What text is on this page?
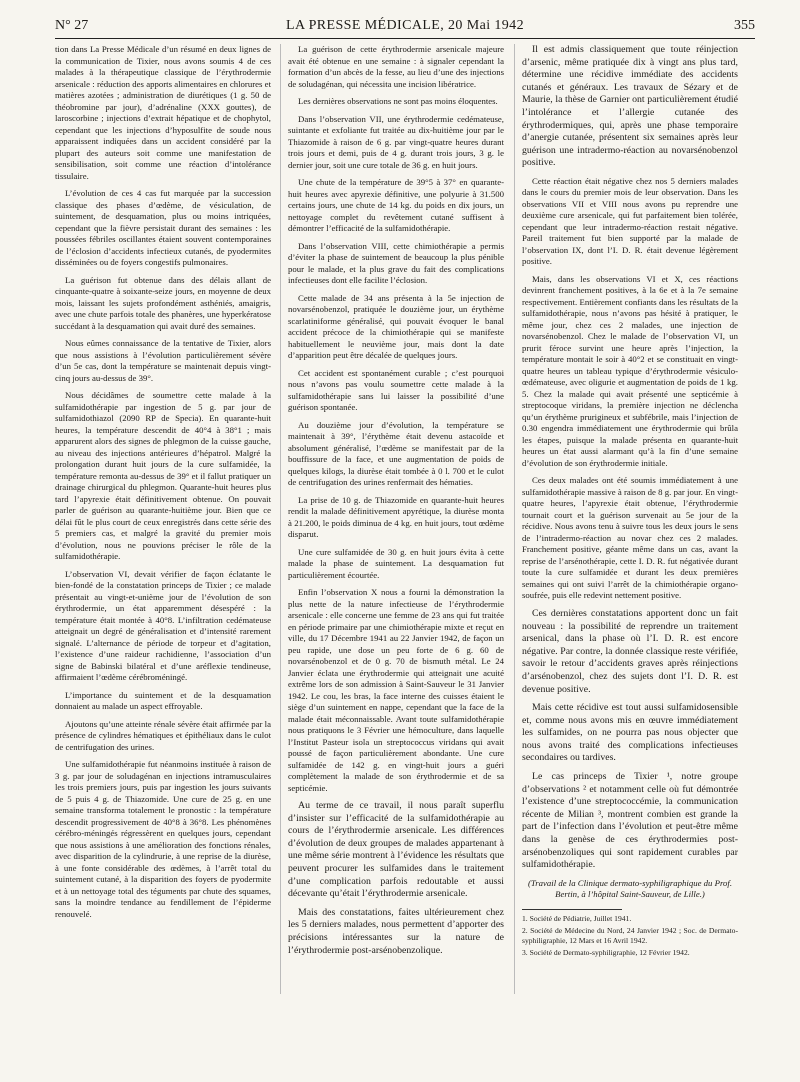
N° 27	LA PRESSE MÉDICALE, 20 Mai 1942	355

tion dans La Presse Médicale d’un résumé en deux lignes de la communication de Tixier, nous avons soumis 4 de ces malades à la thérapeutique classique de l’érythrodermie arsenicale : réduction des apports alimentaires en chlorures et matières azotées ; administration de diurétiques (1 g. 50 de théobromine par jour), d’adrénaline (XXX gouttes), de laroscorbine ; injections d’extrait hépatique et de chophytol, cependant que les injections d’hyposulfite de soude nous apparaissent indiquées dans un accident considéré par la plupart des auteurs soit comme une manifestation de sensibilisation, soit comme une réaction d’intolérance tissulaire.

L’évolution de ces 4 cas fut marquée par la succession classique des phases d’œdème, de vésiculation, de suintement, de desquamation, plus ou moins intriquées, cependant que la fièvre persistait durant des semaines : les poussées fébriles oscillantes étaient souvent contemporaines de l’éclosion d’accidents infectieux cutanés, de pyodermites disséminées ou de foyers congestifs pulmonaires.

La guérison fut obtenue dans des délais allant de cinquante-quatre à soixante-seize jours, en moyenne de deux mois, laissant les sujets profondément asthéniés, amaigris, avec une chute parfois totale des phanères, une hyperkératose succédant à la desquamation qui avait duré des semaines.

Nous eûmes connaissance de la tentative de Tixier, alors que nous assistions à l’évolution particulièrement sévère d’un 5e cas, dont la température se maintenait depuis vingt-cinq jours au-dessus de 39°.

Nous décidâmes de soumettre cette malade à la sulfamidothérapie par ingestion de 5 g. par jour de sulfamidothiazol (2090 RP de Specia). En quarante-huit heures, la température descendit de 40°4 à 38°1 ; mais apparurent alors des signes de phlegmon de la cuisse gauche, au niveau des injections antérieures d’hépatrol. Malgré la prolongation durant huit jours de la cure sulfamidée, la température remonta au-dessus de 39° et il fallut pratiquer un drainage chirurgical du phlegmon. Quarante-huit heures plus tard l’apyrexie était définitivement obtenue. On pouvait parler de guérison au quarante-huitième jour. Bien que ce délai fût le plus court de ceux enregistrés dans cette série des 5 premiers cas, et malgré la gravité du premier mois d’évolution, nous ne pouvions préciser le rôle de la sulfamidothérapie.

L’observation VI, devait vérifier de façon éclatante le bien-fondé de la constatation princeps de Tixier ; ce malade présentait au vingt-et-unième jour de l’évolution de son érythrodermie, un état apparemment désespéré : la température était montée à 40°8. L’infiltration cedémateuse atteignait un degré de généralisation et d’intensité rarement signalé. L’alternance de période de torpeur et d’agitation, l’existence d’une raideur rachidienne, l’association d’un signe de Babinski bilatéral et d’une aréflexie tendineuse, affirmaient l’œdème cérébroméningé.

L’importance du suintement et de la desquamation donnaient au malade un aspect effroyable.

Ajoutons qu’une atteinte rénale sévère était affirmée par la présence de cylindres hématiques et épithéliaux dans le culot de centrifugation des urines.

Une sulfamidothérapie fut néanmoins instituée à raison de 3 g. par jour de soludagénan en injections intramusculaires les trois premiers jours, puis par ingestion les jours suivants de 5 puis 4 g. de Thiazomide. Une cure de 25 g. en une semaine transforma totalement le pronostic : la température descendit progressivement de 40°8 à 36°8. Les phénomènes cérébro-méningés régressèrent en quelques jours, cependant que nous assistions à une amélioration des fonctions rénales, avec disparition de la cylindrurie, à une reprise de la diurèse, à une fonte considérable des œdèmes, à l’arrêt total du suintement cutané, à la disparition des foyers de pyodermite et à un nettoyage total des téguments par chute des squames, sans la moindre tendance au fendillement de l’épiderme renouvelé.

La guérison de cette érythrodermie arsenicale majeure avait été obtenue en une semaine : à signaler cependant la formation d’un abcès de la fesse, au lieu d’une des injections de soludagénan, qui nécessita une incision libératrice.

Les dernières observations ne sont pas moins éloquentes.

Dans l’observation VII, une érythrodermie cedémateuse, suintante et exfoliante fut traitée au dix-huitième jour par le Thiazomide à raison de 6 g. par vingt-quatre heures durant trois jours et demi, puis de 4 g. durant trois jours, 3 g. le dernier jour, soit une cure totale de 36 g. en huit jours.

Une chute de la température de 39°5 à 37° en quarante-huit heures avec apyrexie définitive, une polyurie à 31.500 certains jours, une chute de 14 kg. du poids en dix jours, un nettoyage complet du revêtement cutané suffisent à démontrer l’efficacité de la sulfamidothérapie.

Dans l’observation VIII, cette chimiothérapie a permis d’éviter la phase de suintement de beaucoup la plus pénible pour le malade, et la plus grave du fait des complications infectieuses dont elle facilite l’éclosion.

Cette malade de 34 ans présenta à la 5e injection de novarsénobenzol, pratiquée le douzième jour, un érythème scarlatiniforme généralisé, qui pouvait évoquer le banal accident précoce de la chimiothérapie qui se manifeste habituellement le neuvième jour, mais dont la date d’apparition peut être décalée de quelques jours.

Cet accident est spontanément curable ; c’est pourquoi nous n’avons pas voulu soumettre cette malade à la sulfamidothérapie sans lui laisser la possibilité d’une guérison spontanée.

Au douzième jour d’évolution, la température se maintenait à 39°, l’érythème était devenu astacoïde et absolument généralisé, l’œdème se manifestait par de la bouffissure de la face, et une augmentation de poids de quelques kilogs, la diurèse était tombée à 0 l. 700 et le culot de centrifugation des urines renfermait des hématies.

La prise de 10 g. de Thiazomide en quarante-huit heures rendit la malade définitivement apyrétique, la diurèse monta à 21.200, le poids diminua de 4 kg. en huit jours, tout œdème disparut.

Une cure sulfamidée de 30 g. en huit jours évita à cette malade la phase de suintement. La desquamation fut particulièrement écourtée.

Enfin l’observation X nous a fourni la démonstration la plus nette de la nature infectieuse de l’érythrodermie arsenicale : elle concerne une femme de 23 ans qui fut traitée en période primaire par une chimiothérapie mixte et reçut en ville, du 17 Décembre 1941 au 22 Janvier 1942, de façon un peu rapide, une dose un peu forte de 6 g. 60 de novarsénobenzol et de 0 g. 70 de bismuth métal. Le 24 Janvier éclata une érythrodermie qui atteignait une acuité extrême lors de son admission à Saint-Sauveur le 31 Janvier 1942. Le cou, les bras, la face interne des cuisses étaient le siège d’un suintement en nappe, cependant que la face de la malade était méconnaissable. Avant toute sulfamidothérapie nous pratiquons le 3 Février une hémoculture, dans laquelle l’Institut Pasteur isola un streptococcus viridans qui avait poussé de façon particulièrement abondante. Une cure sulfamidée de 142 g. en vingt-huit jours a guéri complètement la malade de son érythrodermie et de sa septicémie.

Au terme de ce travail, il nous paraît superflu d’insister sur l’efficacité de la sulfamidothérapie au cours de l’érythrodermie arsenicale. Les différences d’évolution de deux groupes de malades appartenant à une même série montrent à l’évidence les résultats que peuvent procurer les sulfamides dans le traitement d’une complication parfois redoutable et aussi décevante qu’était l’érythrodermie arsenicale.

Mais des constatations, faites ultérieurement chez les 5 derniers malades, nous permettent d’apporter des précisions intéressantes sur la nature de l’érythrodermie post-arsénobenzolique.

Il est admis classiquement que toute réinjection d’arsenic, même pratiquée dix à vingt ans plus tard, détermine une récidive immédiate des accidents cutanés et généraux. Les travaux de Sézary et de Maurie, la thèse de Garnier ont particulièrement étudié l’intolérance et l’allergie cutanée des érythrodermiques, qui, après une phase temporaire d’anergie cutanée, présentent six semaines après leur guérison une intradermo-réaction au novarsénobenzol positive.

Cette réaction était négative chez nos 5 derniers malades dans le cours du premier mois de leur observation. Dans les observations VII et VIII nous avons pu reprendre une deuxième cure arsenicale, qui fut parfaitement bien tolérée, cependant que leur intradermo-réaction restait négative. Pareil traitement fut bien supporté par la malade de l’observation IX, dont l’I. D. R. était devenue légèrement positive.

Mais, dans les observations VI et X, ces réactions devinrent franchement positives, à la 6e et à la 7e semaine respectivement. Entièrement confiants dans les résultats de la sulfamidothérapie, nous n’avons pas hésité à pratiquer, le même jour, chez ces 2 malades, une injection de novarsénobenzol. Chez le malade de l’observation VI, un prurit féroce survint une heure après l’injection, la température montait le soir à 40°2 et se constituait en vingt-quatre heures un tableau typique d’érythrodermie vésiculo-œdémateuse, avec oligurie et augmentation de poids de 1 kg. 5. Chez la malade qui avait présenté une septicémie à streptocoque viridans, la première injection ne déclencha qu’un érythème prurigineux et subfébrile, mais l’injection de 0.30 engendra immédiatement une érythrodermie qui brûla les étapes, puisque la malade présenta en quarante-huit heures un état aussi alarmant qu’à la fin d’une semaine d’évolution de son érythrodermie initiale.

Ces deux malades ont été soumis immédiatement à une sulfamidothérapie massive à raison de 8 g. par jour. En vingt-quatre heures, l’apyrexie était obtenue, l’érythrodermie tournait court et la guérison survenait au 5e jour de la récidive. Nous avons tenu à suivre tous les deux jours le sens de l’intradermo-réaction au novar chez ces 2 malades. Franchement positive, géante même dans un cas, avant la reprise de l’arsénothérapie, cette I. D. R. fut négativée durant toute la cure sulfamidée et durant les deux premières semaines qui ont suivi l’arrêt de la chimiothérapie organo-soufrée, puis elle redevint nettement positive.

Ces dernières constatations apportent donc un fait nouveau : la possibilité de reprendre un traitement arsenical, dans la phase où l’I. D. R. est encore négative. Par contre, la donnée classique reste vérifiée, savoir le retour d’accidents graves après réinjections d’arsénobenzol, chez des sujets dont l’I. D. R. est devenue positive.

Mais cette récidive est tout aussi sulfamidosensible et, comme nous avons mis en œuvre immédiatement les sulfamides, on ne pourra pas nous objecter que nous avons traité des complications infectieuses secondaires ou tardives.

Le cas princeps de Tixier ¹, notre groupe d’observations ² et notamment celle où fut démontrée l’existence d’une streptococcémie, la communication récente de Milian ³, montrent combien est grande la part de l’infection dans l’évolution et peut-être même dans la genèse de ces érythrodermies post-arsénobenzoliques qui sont rapidement curables par sulfamidothérapie.

(Travail de la Clinique dermato-syphiligraphique du Prof. Bertin, à l’hôpital Saint-Sauveur, de Lille.)

1. Société de Pédiatrie, Juillet 1941.

2. Société de Médecine du Nord, 24 Janvier 1942 ; Soc. de Dermato-syphiligraphie, 12 Mars et 16 Avril 1942.

3. Société de Dermato-syphiligraphie, 12 Février 1942.
